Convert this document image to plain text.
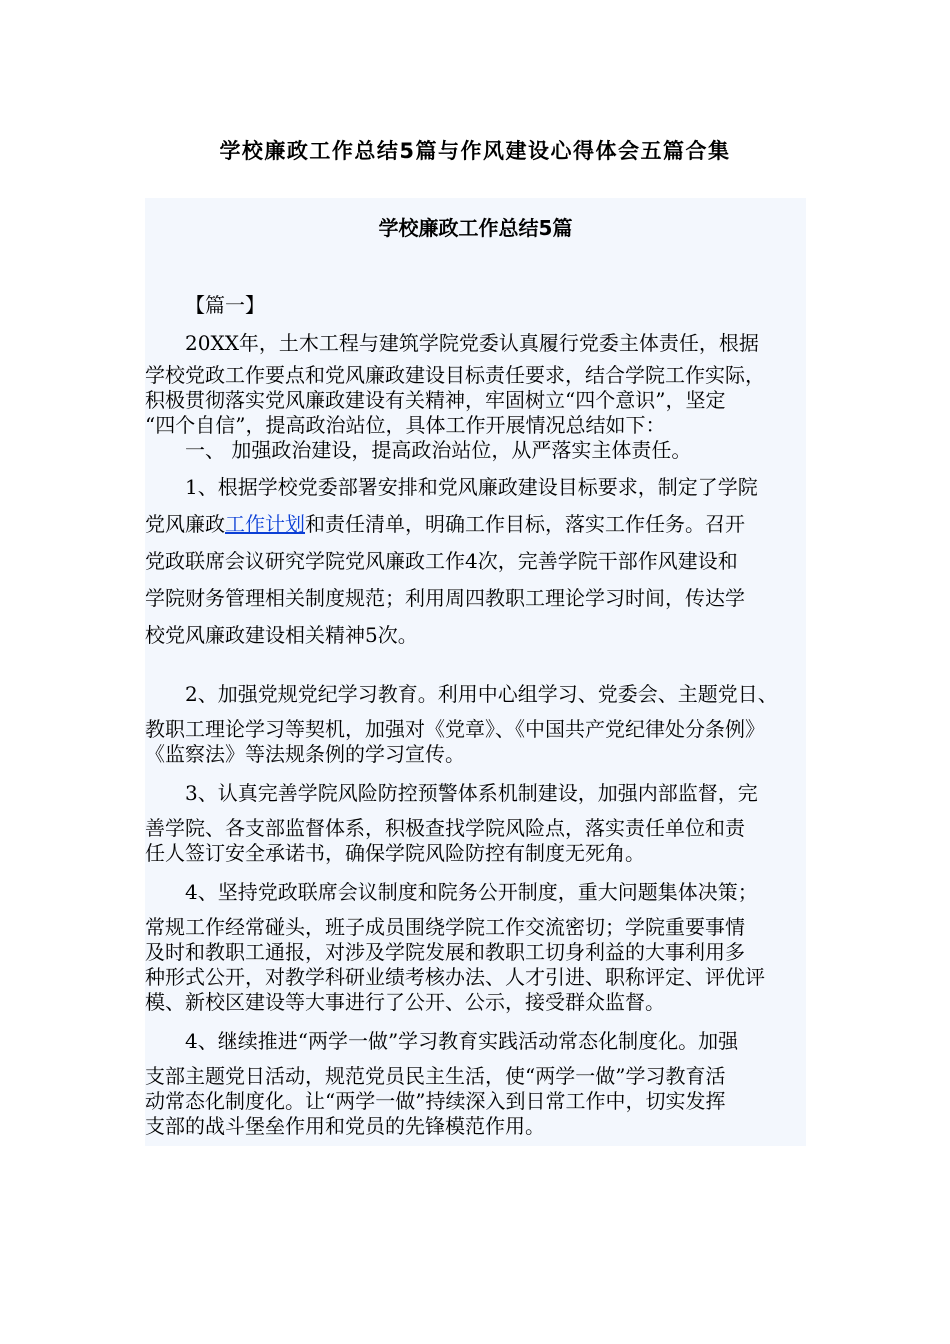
学校廉政工作总结5篇与作风建设心得体会五篇合集
学校廉政工作总结5篇

【篇一】

20XX年，土木工程与建筑学院党委认真履行党委主体责任，根据

学校党政工作要点和党风廉政建设目标责任要求，结合学院工作实际，

积极贯彻落实党风廉政建设有关精神，牢固树立“四个意识”，坚定

“四个自信”，提高政治站位，具体工作开展情况总结如下：

一、 加强政治建设，提高政治站位，从严落实主体责任。

1、根据学校党委部署安排和党风廉政建设目标要求，制定了学院

党风廉政工作计划和责任清单，明确工作目标，落实工作任务。召开

党政联席会议研究学院党风廉政工作4次，完善学院干部作风建设和

学院财务管理相关制度规范；利用周四教职工理论学习时间，传达学

校党风廉政建设相关精神5次。

2、加强党规党纪学习教育。利用中心组学习、党委会、主题党日、

教职工理论学习等契机，加强对《党章》、《中国共产党纪律处分条例》

《监察法》等法规条例的学习宣传。

3、认真完善学院风险防控预警体系机制建设，加强内部监督，完

善学院、各支部监督体系，积极查找学院风险点，落实责任单位和责

任人签订安全承诺书，确保学院风险防控有制度无死角。

4、坚持党政联席会议制度和院务公开制度，重大问题集体决策；

常规工作经常碰头，班子成员围绕学院工作交流密切；学院重要事情

及时和教职工通报，对涉及学院发展和教职工切身利益的大事利用多

种形式公开，对教学科研业绩考核办法、人才引进、职称评定、评优评

模、新校区建设等大事进行了公开、公示，接受群众监督。

4、继续推进“两学一做”学习教育实践活动常态化制度化。加强

支部主题党日活动，规范党员民主生活，使“两学一做”学习教育活

动常态化制度化。让“两学一做”持续深入到日常工作中，切实发挥

支部的战斗堡垒作用和党员的先锋模范作用。
